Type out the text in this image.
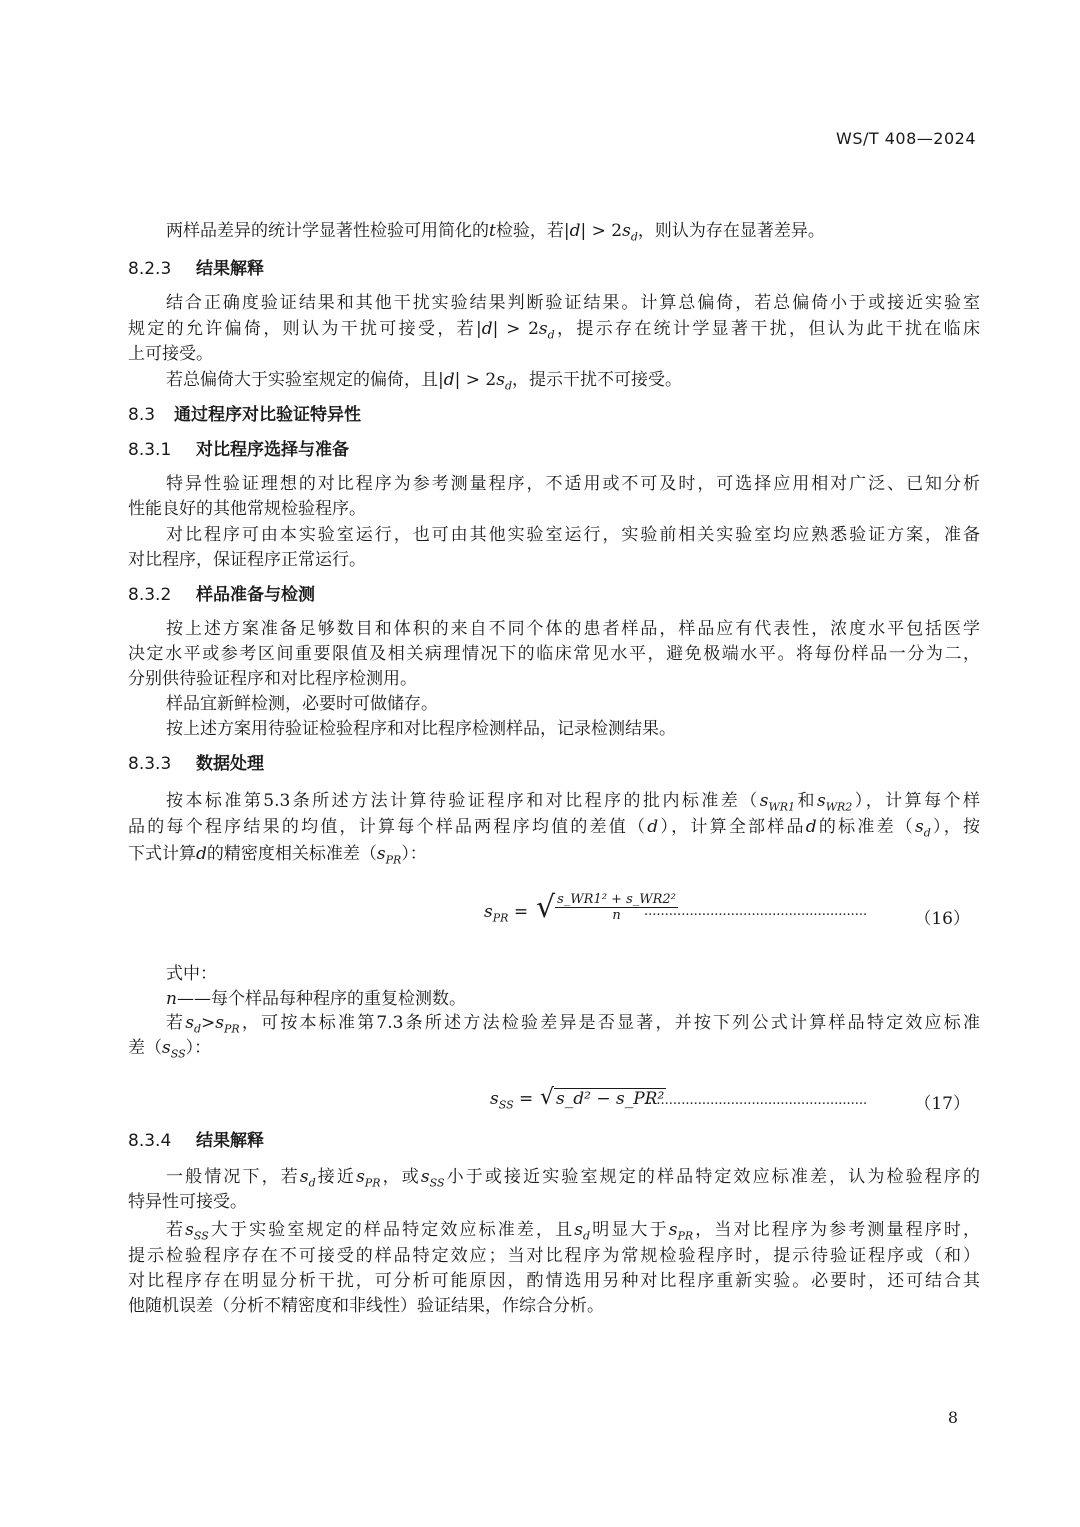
WS/T 408—2024
两样品差异的统计学显著性检验可用简化的t检验，若$|d| > 2s_d$，则认为存在显著差异。
8.2.3 结果解释
结合正确度验证结果和其他干扰实验结果判断验证结果。计算总偏倚，若总偏倚小于或接近实验室
规定的允许偏倚，则认为干扰可接受，若$|d| > 2s_d$，提示存在统计学显著干扰，但认为此干扰在临床
上可接受。
若总偏倚大于实验室规定的偏倚，且$|d| > 2s_d$，提示干扰不可接受。
8.3 通过程序对比验证特异性
8.3.1 对比程序选择与准备
特异性验证理想的对比程序为参考测量程序，不适用或不可及时，可选择应用相对广泛、已知分析
性能良好的其他常规检验程序。
对比程序可由本实验室运行，也可由其他实验室运行，实验前相关实验室均应熟悉验证方案，准备
对比程序，保证程序正常运行。
8.3.2 样品准备与检测
按上述方案准备足够数目和体积的来自不同个体的患者样品，样品应有代表性，浓度水平包括医学
决定水平或参考区间重要限值及相关病理情况下的临床常见水平，避免极端水平。将每份样品一分为二，
分别供待验证程序和对比程序检测用。
样品宜新鲜检测，必要时可做储存。
按上述方案用待验证检验程序和对比程序检测样品，记录检测结果。
8.3.3 数据处理
按本标准第5.3条所述方法计算待验证程序和对比程序的批内标准差（$s_{WR1}$和$s_{WR2}$），计算每个样
品的每个程序结果的均值，计算每个样品两程序均值的差值（d），计算全部样品d的标准差$(s_d)$，按
下式计算d的精密度相关标准差$(s_{PR})$：
$s_{PR}$ = √ $\frac{\text{s\_WR1² + s\_WR2²}}{n}$
......................................................	（16）
式中：
n——每个样品每种程序的重复检测数。
若$s_d>s_{PR}$，可按本标准第7.3条所述方法检验差异是否显著，并按下列公式计算样品特定效应标准
差$(s_{SS})$：
$s_{SS}$ = √ s_d² − s_PR²
......................................................	（17）
8.3.4 结果解释
一般情况下，若$s_d$接近$s_{PR}$，或$s_{SS}$小于或接近实验室规定的样品特定效应标准差，认为检验程序的
特异性可接受。
若$s_{SS}$大于实验室规定的样品特定效应标准差，且$s_d$明显大于$s_{PR}$，当对比程序为参考测量程序时，
提示检验程序存在不可接受的样品特定效应；当对比程序为常规检验程序时，提示待验证程序或（和）
对比程序存在明显分析干扰，可分析可能原因，酌情选用另种对比程序重新实验。必要时，还可结合其
他随机误差（分析不精密度和非线性）验证结果，作综合分析。
8
